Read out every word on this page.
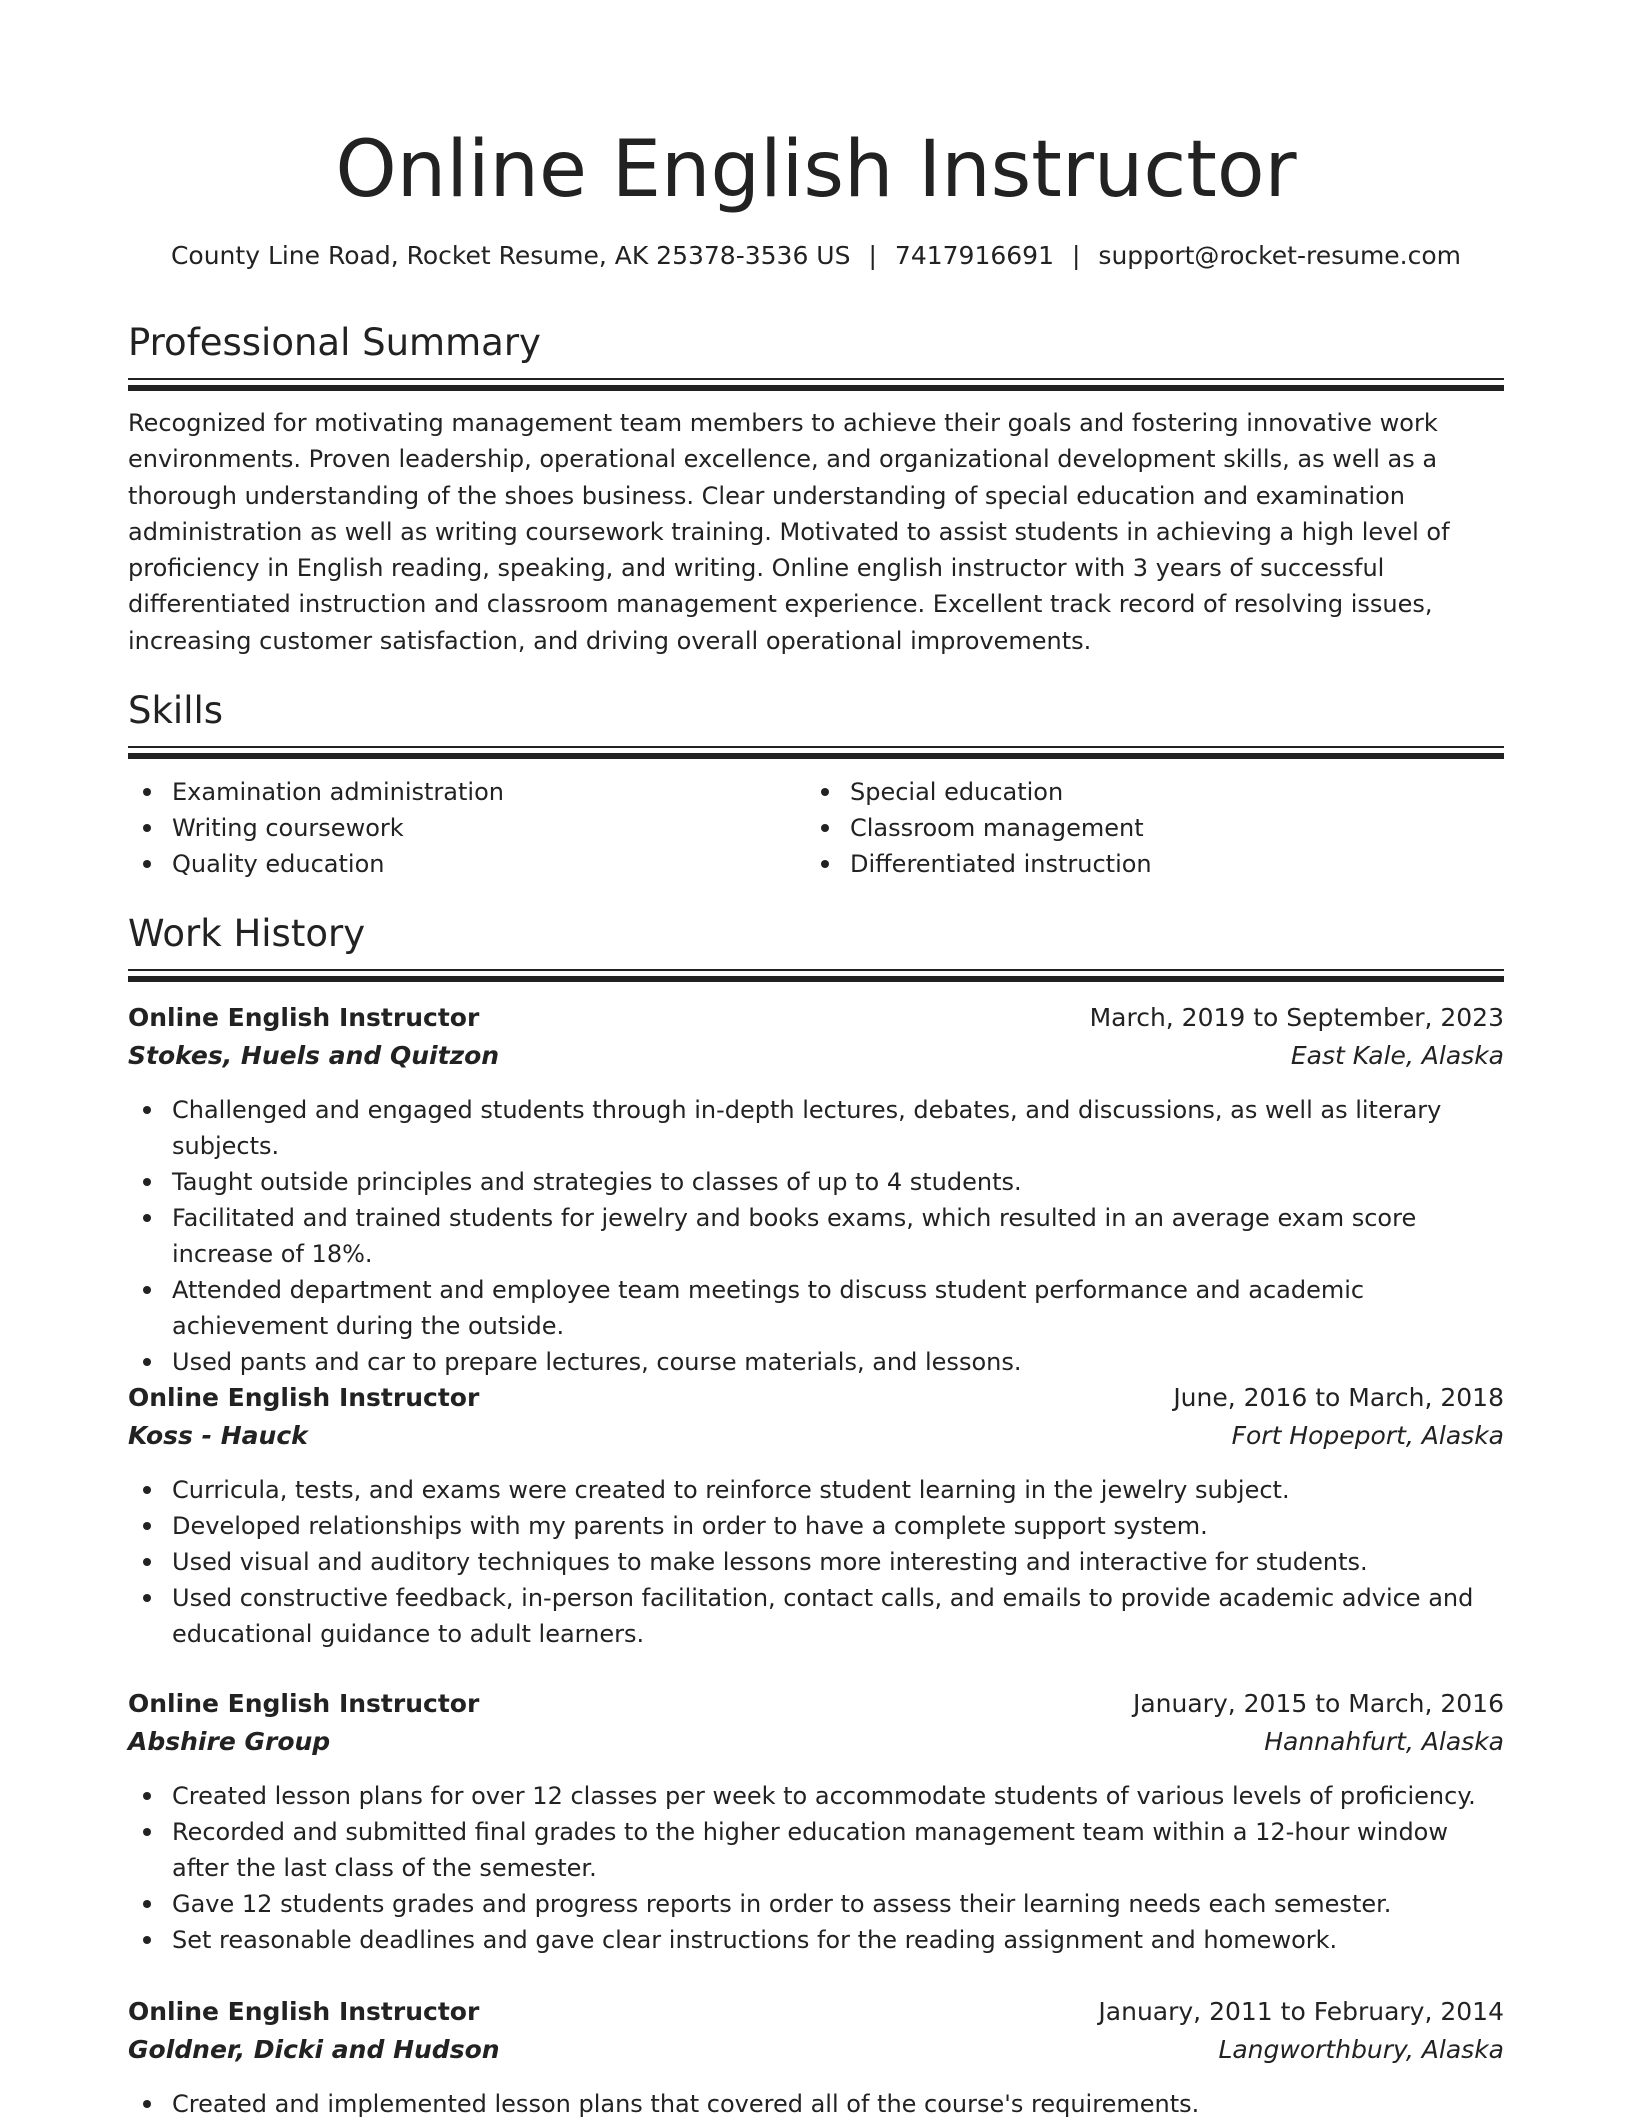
Online English Instructor
County Line Road, Rocket Resume, AK 25378-3536 US | 7417916691 | support@rocket-resume.com
Professional Summary

Recognized for motivating management team members to achieve their goals and fostering innovative work environments. Proven leadership, operational excellence, and organizational development skills, as well as a thorough understanding of the shoes business. Clear understanding of special education and examination administration as well as writing coursework training. Motivated to assist students in achieving a high level of proficiency in English reading, speaking, and writing. Online english instructor with 3 years of successful differentiated instruction and classroom management experience. Excellent track record of resolving issues, increasing customer satisfaction, and driving overall operational improvements.

Skills
Examination administration
Writing coursework
Quality education
Special education
Classroom management
Differentiated instruction
Work History
Online English Instructor	March, 2019 to September, 2023
Stokes, Huels and Quitzon	East Kale, Alaska
Challenged and engaged students through in-depth lectures, debates, and discussions, as well as literary subjects.
Taught outside principles and strategies to classes of up to 4 students.
Facilitated and trained students for jewelry and books exams, which resulted in an average exam score increase of 18%.
Attended department and employee team meetings to discuss student performance and academic achievement during the outside.
Used pants and car to prepare lectures, course materials, and lessons.
Online English Instructor	June, 2016 to March, 2018
Koss - Hauck	Fort Hopeport, Alaska
Curricula, tests, and exams were created to reinforce student learning in the jewelry subject.
Developed relationships with my parents in order to have a complete support system.
Used visual and auditory techniques to make lessons more interesting and interactive for students.
Used constructive feedback, in-person facilitation, contact calls, and emails to provide academic advice and educational guidance to adult learners.
Online English Instructor	January, 2015 to March, 2016
Abshire Group	Hannahfurt, Alaska
Created lesson plans for over 12 classes per week to accommodate students of various levels of proficiency.
Recorded and submitted final grades to the higher education management team within a 12-hour window after the last class of the semester.
Gave 12 students grades and progress reports in order to assess their learning needs each semester.
Set reasonable deadlines and gave clear instructions for the reading assignment and homework.
Online English Instructor	January, 2011 to February, 2014
Goldner, Dicki and Hudson	Langworthbury, Alaska
Created and implemented lesson plans that covered all of the course's requirements.
